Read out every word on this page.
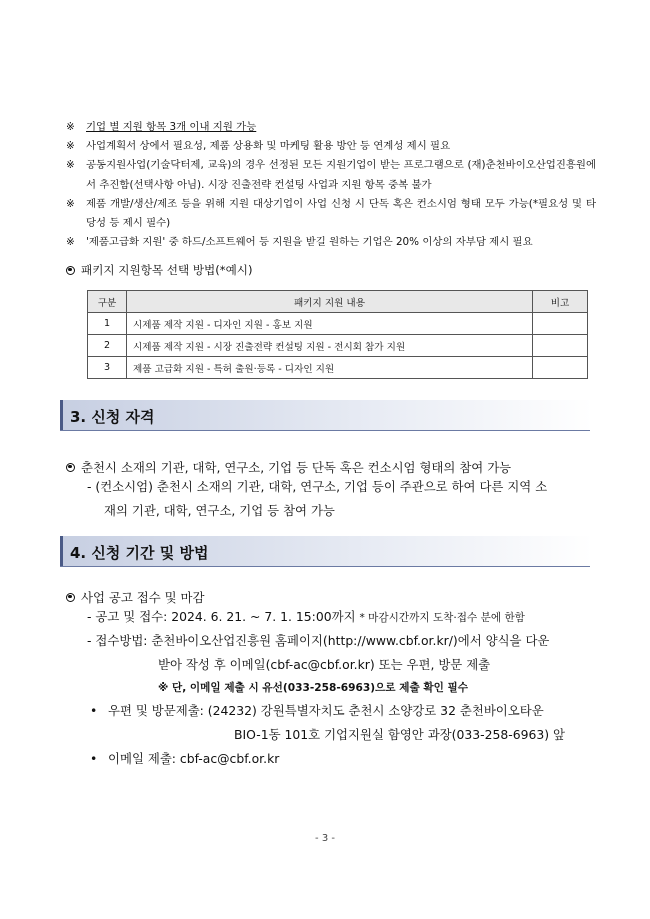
※	기업 별 지원 항목 3개 이내 지원 가능
※	사업계획서 상에서 필요성, 제품 상용화 및 마케팅 활용 방안 등 연계성 제시 필요
※	공동지원사업(기술닥터제, 교육)의 경우 선정된 모든 지원기업이 받는 프로그램으로 (재)춘천바이오산업진흥원에서 추진함(선택사항 아님). 시장 진출전략 컨설팅 사업과 지원 항목 중복 불가
※	제품 개발/생산/제조 등을 위해 지원 대상기업이 사업 신청 시 단독 혹은 컨소시엄 형태 모두 가능(*필요성 및 타당성 등 제시 필수)
※	'제품고급화 지원' 중 하드/소프트웨어 등 지원을 받길 원하는 기업은 20% 이상의 자부담 제시 필요
패키지 지원항목 선택 방법(*예시)
구분	패키지 지원 내용	비고
1	시제품 제작 지원 - 디자인 지원 - 홍보 지원	
2	시제품 제작 지원 - 시장 진출전략 컨설팅 지원 - 전시회 참가 지원	
3	제품 고급화 지원 - 특허 출원·등록 - 디자인 지원	
3. 신청 자격
춘천시 소재의 기관, 대학, 연구소, 기업 등 단독 혹은 컨소시엄 형태의 참여 가능
- (컨소시엄) 춘천시 소재의 기관, 대학, 연구소, 기업 등이 주관으로 하여 다른 지역 소
재의 기관, 대학, 연구소, 기업 등 참여 가능
4. 신청 기간 및 방법
사업 공고 접수 및 마감
- 공고 및 접수: 2024. 6. 21. ~ 7. 1. 15:00까지 * 마감시간까지 도착·접수 분에 한함
- 접수방법: 춘천바이오산업진흥원 홈페이지(http://www.cbf.or.kr/)에서 양식을 다운
받아 작성 후 이메일(cbf-ac@cbf.or.kr) 또는 우편, 방문 제출
※ 단, 이메일 제출 시 유선(033-258-6963)으로 제출 확인 필수
• 우편 및 방문제출: (24232) 강원특별자치도 춘천시 소양강로 32 춘천바이오타운
BIO-1동 101호 기업지원실 함영안 과장(033-258-6963) 앞
• 이메일 제출: cbf-ac@cbf.or.kr
- 3 -
